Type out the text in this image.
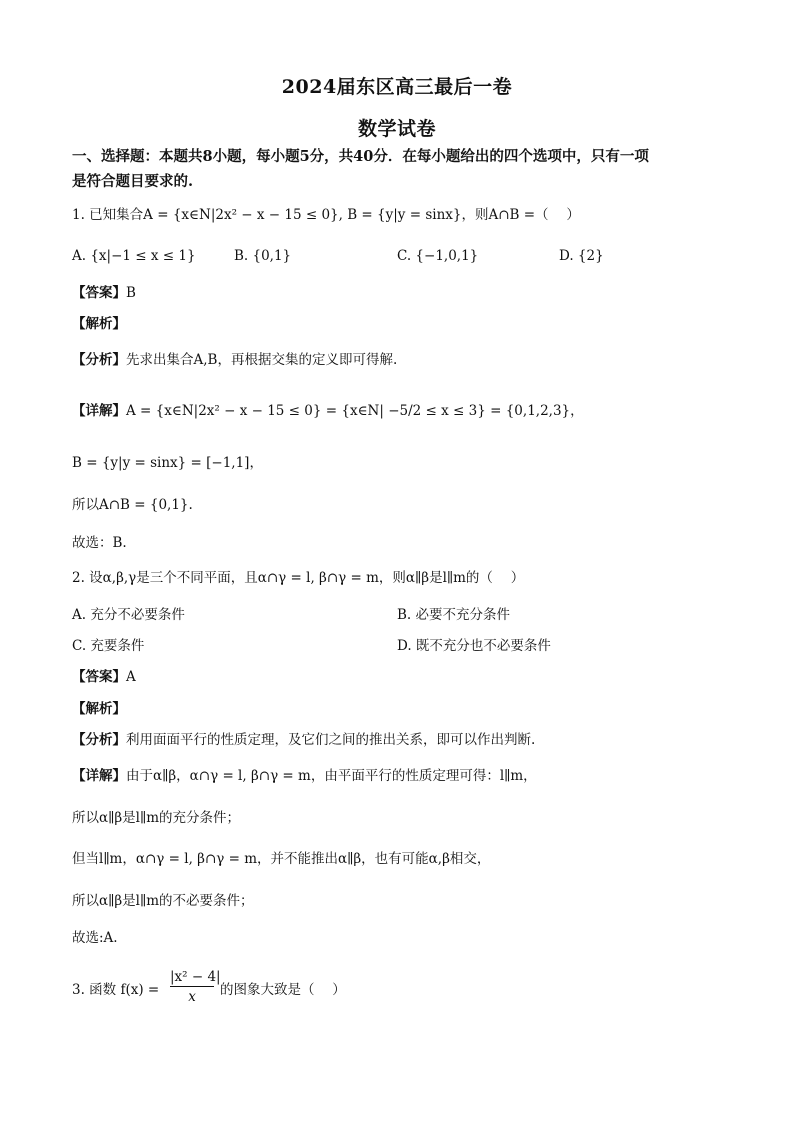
2024届东区高三最后一卷
数学试卷
一、选择题：本题共8小题，每小题5分，共40分．在每小题给出的四个选项中，只有一项
是符合题目要求的.
1. 已知集合A = {x∈N|2x² − x − 15 ≤ 0}, B = {y|y = sinx}，则A∩B =（　 ）
A. {x|−1 ≤ x ≤ 1}	B. {0,1}	C. {−1,0,1}	D. {2}
【答案】B
【解析】
【分析】先求出集合A,B，再根据交集的定义即可得解.
【详解】A = {x∈N|2x² − x − 15 ≤ 0} = {x∈N| −5/2 ≤ x ≤ 3} = {0,1,2,3}，
B = {y|y = sinx} = [−1,1]，
所以A∩B = {0,1}.
故选：B.
2. 设α,β,γ是三个不同平面，且α∩γ = l, β∩γ = m，则α∥β是l∥m的（　 ）
A. 充分不必要条件	B. 必要不充分条件
C. 充要条件	D. 既不充分也不必要条件
【答案】A
【解析】
【分析】利用面面平行的性质定理，及它们之间的推出关系，即可以作出判断.
【详解】由于α∥β，α∩γ = l, β∩γ = m，由平面平行的性质定理可得：l∥m，
所以α∥β是l∥m的充分条件；
但当l∥m，α∩γ = l, β∩γ = m，并不能推出α∥β，也有可能α,β相交，
所以α∥β是l∥m的不必要条件；
故选:A.
3. 函数 $f(x) = \frac{\text{|x² − 4|}}{x}$ 的图象大致是（　 ）
